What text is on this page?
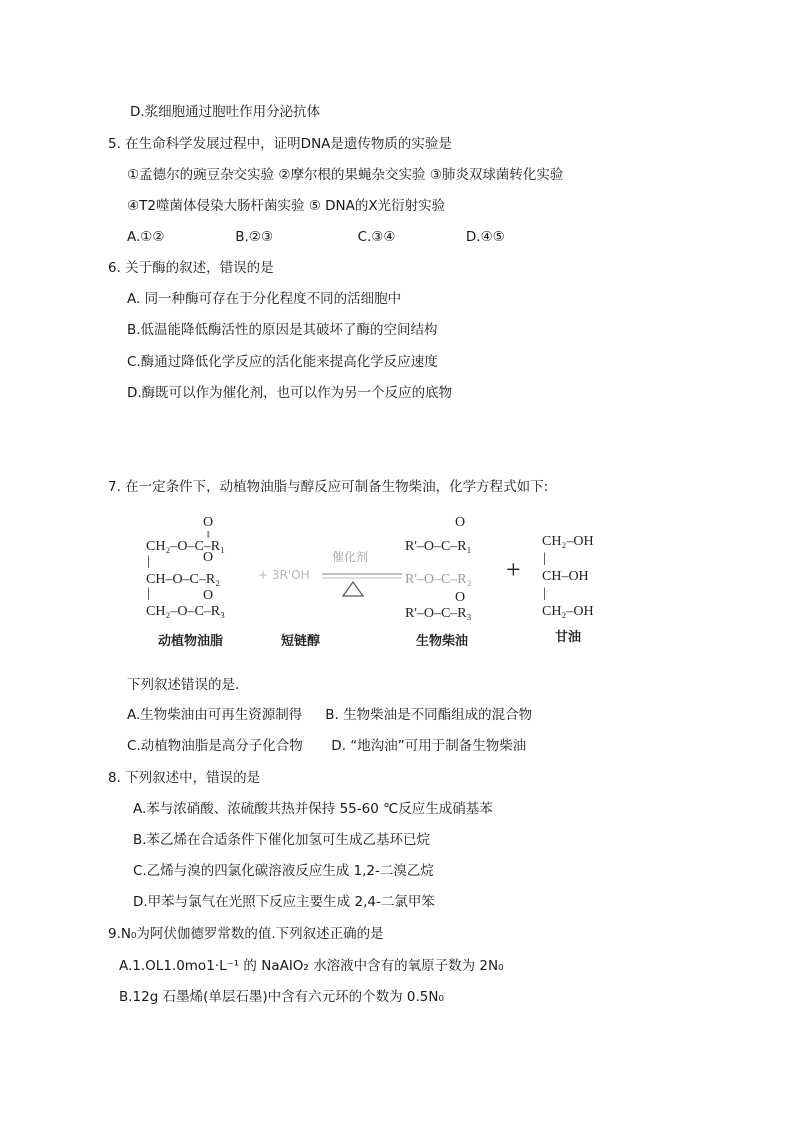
D.浆细胞通过胞吐作用分泌抗体
5. 在生命科学发展过程中，证明DNA是遗传物质的实验是
①孟德尔的豌豆杂交实验 ②摩尔根的果蝇杂交实验 ③肺炎双球菌转化实验
④T2噬菌体侵染大肠杆菌实验 ⑤ DNA的X光衍射实验
A.①②	B.②③	C.③④	D.④⑤
6. 关于酶的叙述，错误的是
A. 同一种酶可存在于分化程度不同的活细胞中
B.低温能降低酶活性的原因是其破坏了酶的空间结构
C.酶通过降低化学反应的活化能来提高化学反应速度
D.酶既可以作为催化剂，也可以作为另一个反应的底物
7. 在一定条件下，动植物油脂与醇反应可制备生物柴油，化学方程式如下:
O
‖
CH₂–O–C–R₁
|	O
CH–O–C–R₂
|	O
CH₂–O–C–R₃
动植物油脂
+ 3R'OH
催化剂
短链醇
O
R'–O–C–R₁
R'–O–C–R₂
O
R'–O–C–R₃
生物柴油
+
CH₂–OH
|
CH–OH
|
CH₂–OH
甘油
下列叙述错误的是.
A.生物柴油由可再生资源制得 B. 生物柴油是不同酯组成的混合物
C.动植物油脂是高分子化合物 D. “地沟油”可用于制备生物柴油
8. 下列叙述中，错误的是
A.苯与浓硝酸、浓硫酸共热并保持 55-60 ℃反应生成硝基苯
B.苯乙烯在合适条件下催化加氢可生成乙基环已烷
C.乙烯与溴的四氯化碳溶液反应生成 1,2-二溴乙烷
D.甲苯与氯气在光照下反应主要生成 2,4-二氯甲笨
9.N₀为阿伏伽德罗常数的值.下列叙述正确的是
A.1.OL1.0mo1·L⁻¹ 的 NaAIO₂ 水溶液中含有的氧原子数为 2N₀
B.12g 石墨烯(单层石墨)中含有六元环的个数为 0.5N₀
